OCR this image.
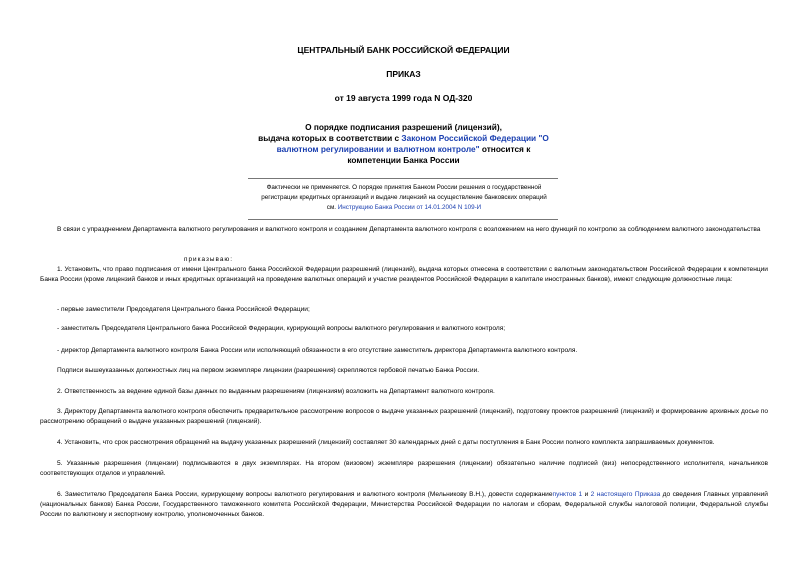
ЦЕНТРАЛЬНЫЙ БАНК РОССИЙСКОЙ ФЕДЕРАЦИИ
ПРИКАЗ
от 19 августа 1999 года N ОД-320
О порядке подписания разрешений (лицензий),
выдача которых в соответствии с Законом Российской Федерации "О валютном регулировании и валютном контроле" относится к компетенции Банка России
Фактически не применяется. О порядке принятия Банком России решения о государственной регистрации кредитных организаций и выдаче лицензий на осуществление банковских операций см. Инструкцию Банка России от 14.01.2004 N 109-И
В связи с упразднением Департамента валютного регулирования и валютного контроля и созданием Департамента валютного контроля с возложением на него функций по контролю за соблюдением валютного законодательства
приказываю:
1. Установить, что право подписания от имени Центрального банка Российской Федерации разрешений (лицензий), выдача которых отнесена в соответствии с валютным законодательством Российской Федерации к компетенции Банка России (кроме лицензий банков и иных кредитных организаций на проведение валютных операций и участие резидентов Российской Федерации в капитале иностранных банков), имеют следующие должностные лица:
- первые заместители Председателя Центрального банка Российской Федерации;
- заместитель Председателя Центрального банка Российской Федерации, курирующий вопросы валютного регулирования и валютного контроля;
- директор Департамента валютного контроля Банка России или исполняющий обязанности в его отсутствие заместитель директора Департамента валютного контроля.
Подписи вышеуказанных должностных лиц на первом экземпляре лицензии (разрешения) скрепляются гербовой печатью Банка России.
2. Ответственность за ведение единой базы данных по выданным разрешениям (лицензиям) возложить на Департамент валютного контроля.
3. Директору Департамента валютного контроля обеспечить предварительное рассмотрение вопросов о выдаче указанных разрешений (лицензий), подготовку проектов разрешений (лицензий) и формирование архивных досье по рассмотрению обращений о выдаче указанных разрешений (лицензий).
4. Установить, что срок рассмотрения обращений на выдачу указанных разрешений (лицензий) составляет 30 календарных дней с даты поступления в Банк России полного комплекта запрашиваемых документов.
5. Указанные разрешения (лицензии) подписываются в двух экземплярах. На втором (визовом) экземпляре разрешения (лицензии) обязательно наличие подписей (виз) непосредственного исполнителя, начальников соответствующих отделов и управлений.
6. Заместителю Председателя Банка России, курирующему вопросы валютного регулирования и валютного контроля (Мельникову В.Н.), довести содержаниепунктов 1 и 2 настоящего Приказа до сведения Главных управлений (национальных банков) Банка России, Государственного таможенного комитета Российской Федерации, Министерства Российской Федерации по налогам и сборам, Федеральной службы налоговой полиции, Федеральной службы России по валютному и экспортному контролю, уполномоченных банков.
